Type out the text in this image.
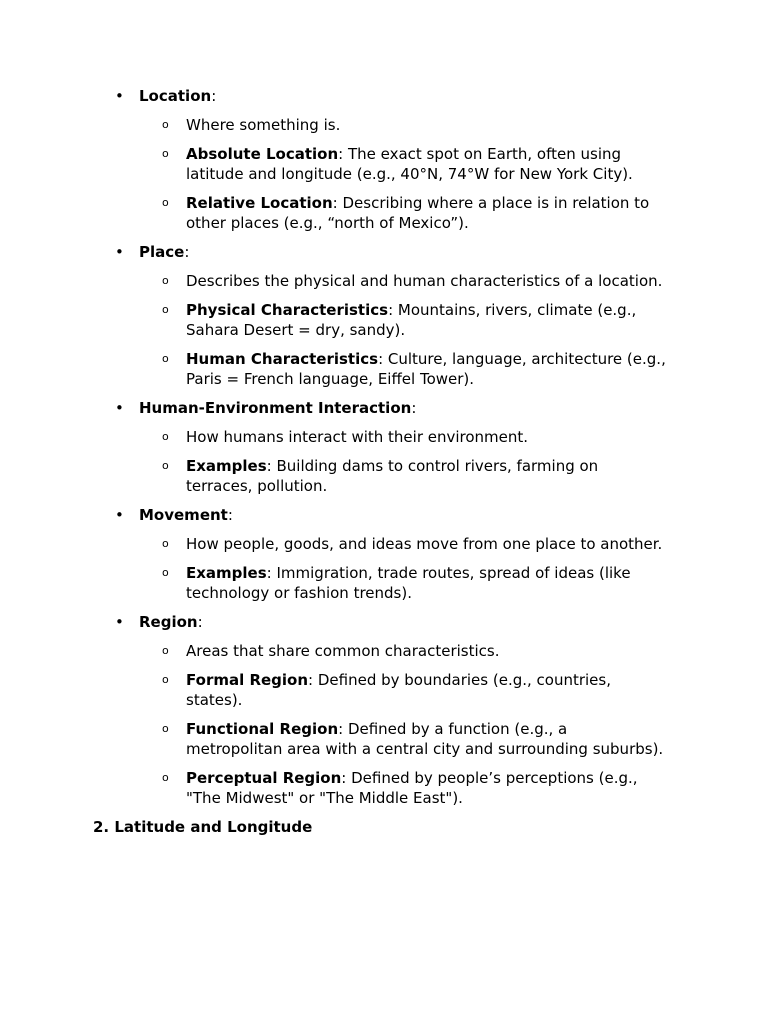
• Location:
o Where something is.
o Absolute Location: The exact spot on Earth, often using latitude and longitude (e.g., 40°N, 74°W for New York City).
o Relative Location: Describing where a place is in relation to other places (e.g., “north of Mexico”).
• Place:
o Describes the physical and human characteristics of a location.
o Physical Characteristics: Mountains, rivers, climate (e.g., Sahara Desert = dry, sandy).
o Human Characteristics: Culture, language, architecture (e.g., Paris = French language, Eiffel Tower).
• Human-Environment Interaction:
o How humans interact with their environment.
o Examples: Building dams to control rivers, farming on terraces, pollution.
• Movement:
o How people, goods, and ideas move from one place to another.
o Examples: Immigration, trade routes, spread of ideas (like technology or fashion trends).
• Region:
o Areas that share common characteristics.
o Formal Region: Defined by boundaries (e.g., countries, states).
o Functional Region: Defined by a function (e.g., a metropolitan area with a central city and surrounding suburbs).
o Perceptual Region: Defined by people’s perceptions (e.g., "The Midwest" or "The Middle East").
2. Latitude and Longitude
